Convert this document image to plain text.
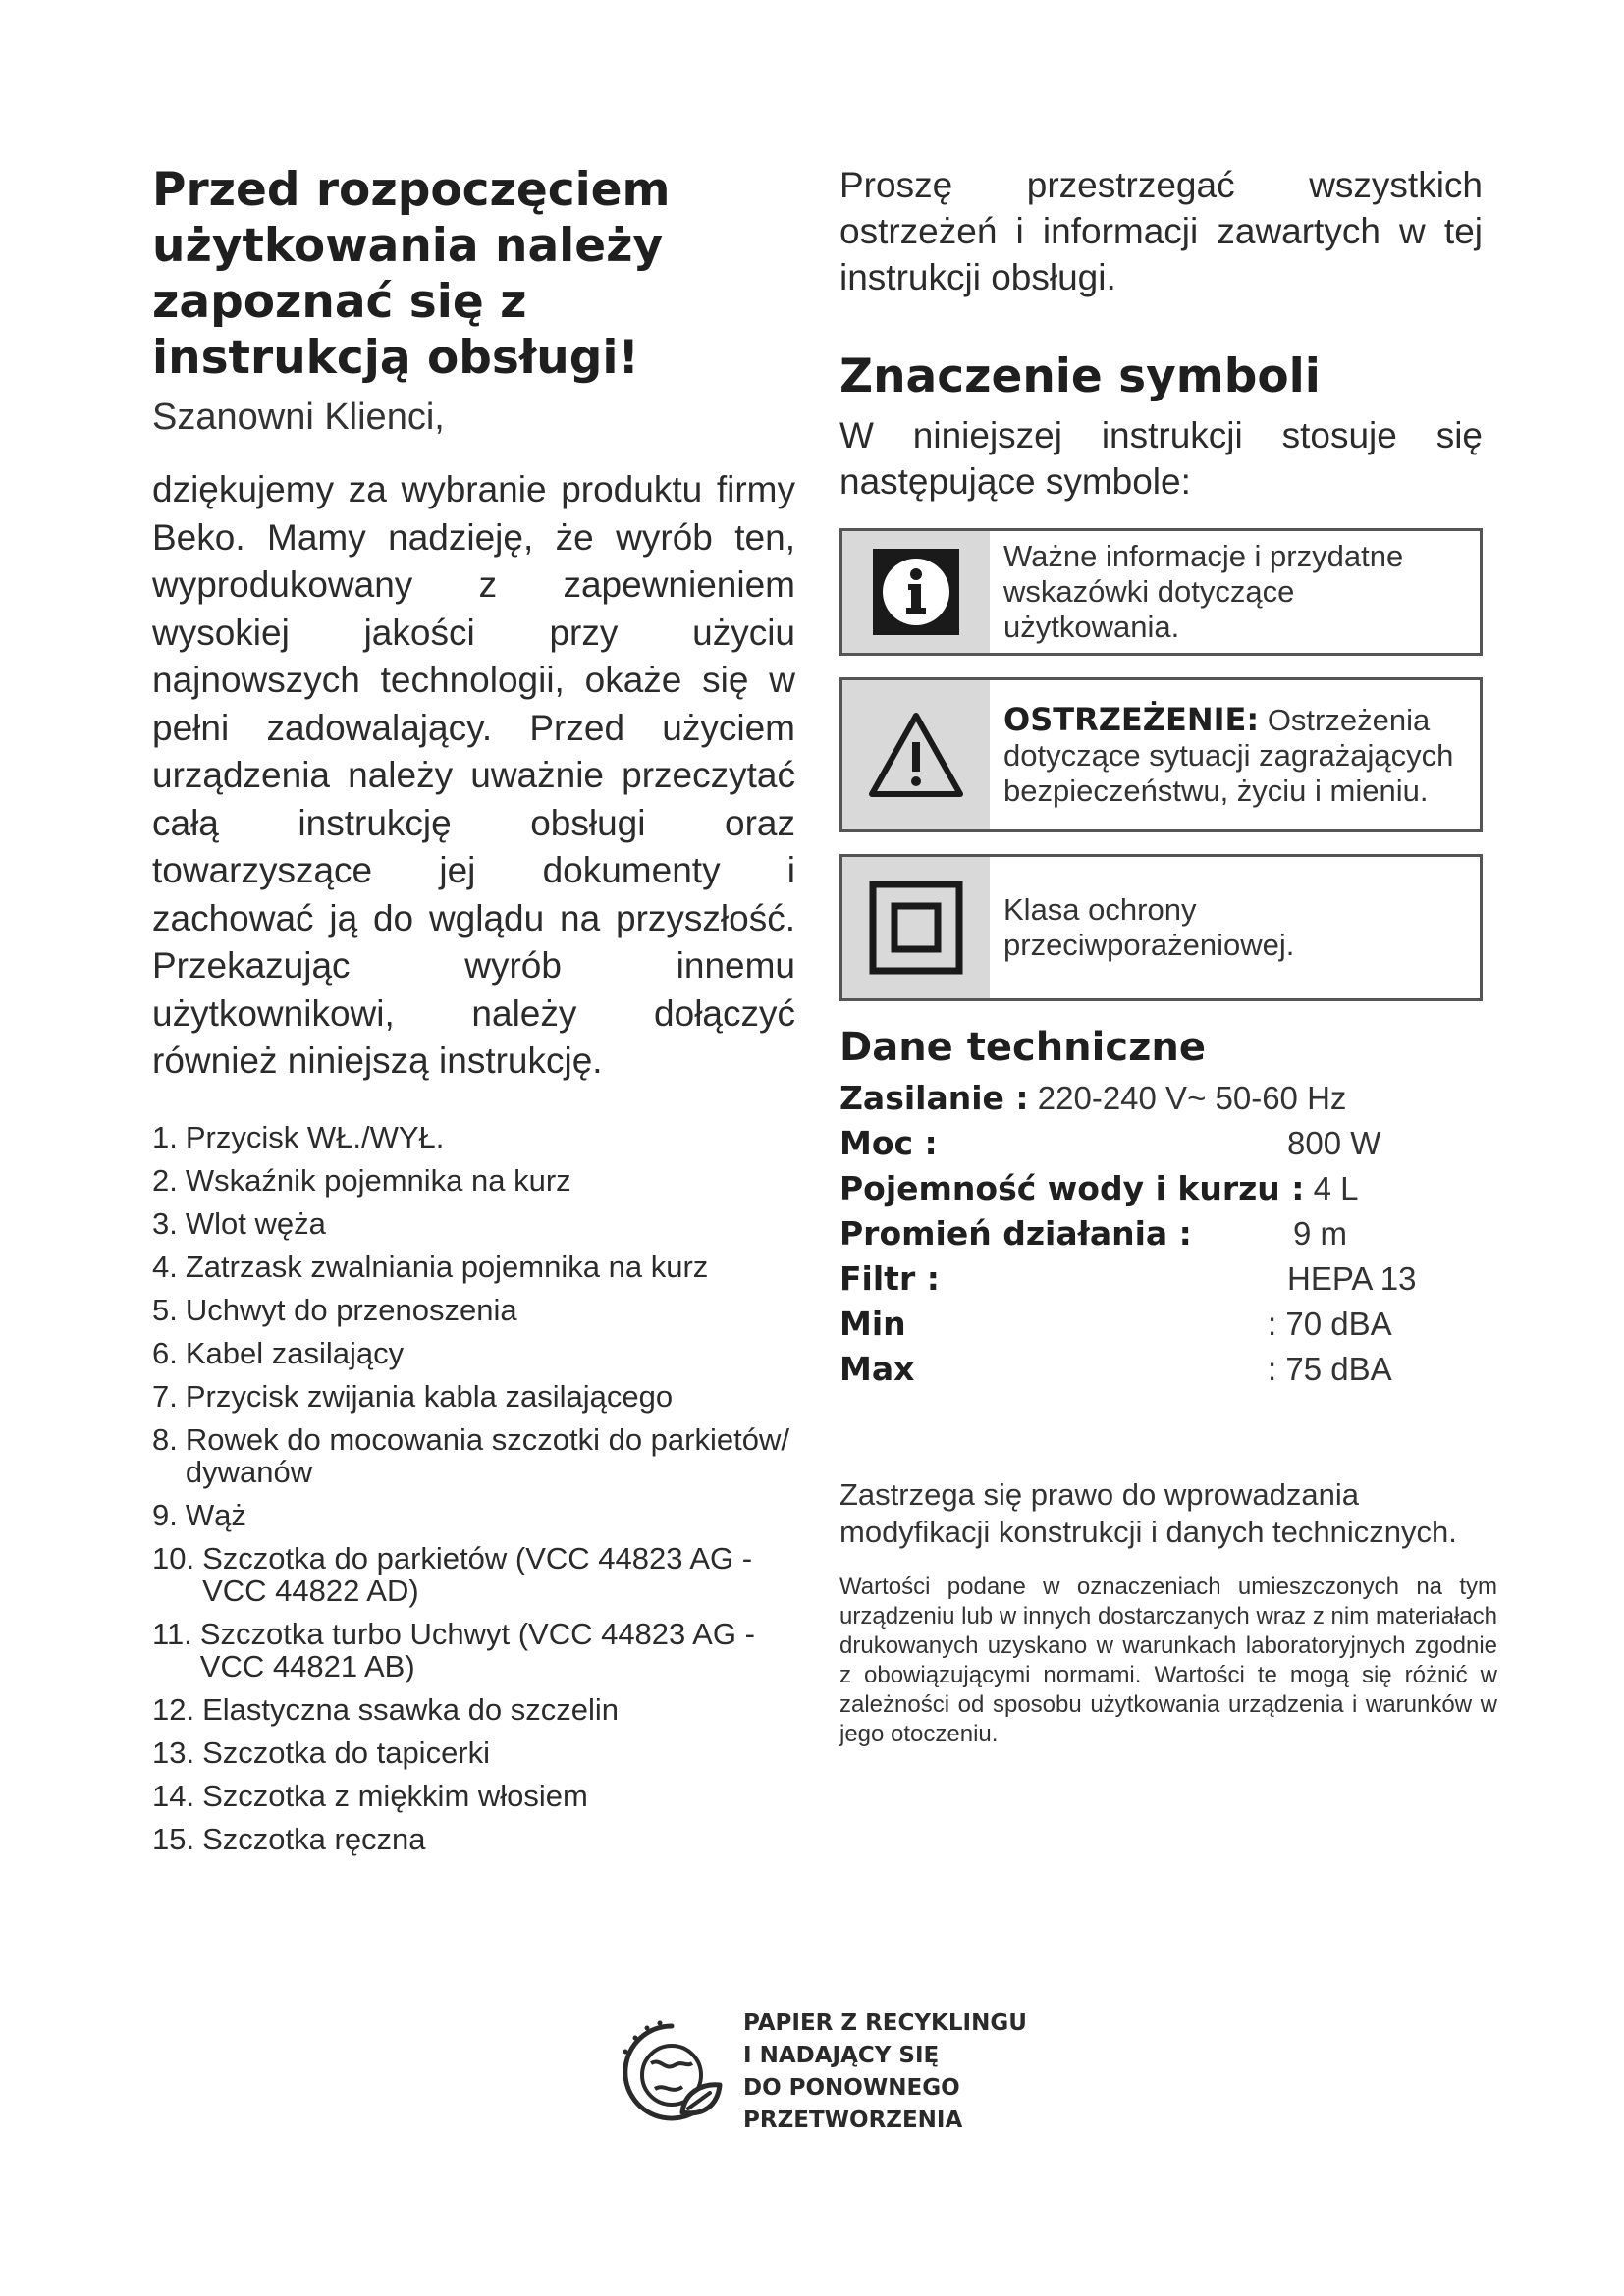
Przed rozpoczęciem użytkowania należy zapoznać się z instrukcją obsługi!

Szanowni Klienci,

dziękujemy za wybranie produktu firmy Beko. Mamy nadzieję, że wyrób ten, wyprodukowany z zapewnieniem wysokiej jakości przy użyciu najnowszych technologii, okaże się w pełni zadowalający. Przed użyciem urządzenia należy uważnie przeczytać całą instrukcję obsługi oraz towarzyszące jej dokumenty i zachować ją do wglądu na przyszłość. Przekazując wyrób innemu użytkownikowi, należy dołączyć również niniejszą instrukcję.

1. Przycisk WŁ./WYŁ.
2. Wskaźnik pojemnika na kurz
3. Wlot węża
4. Zatrzask zwalniania pojemnika na kurz
5. Uchwyt do przenoszenia
6. Kabel zasilający
7. Przycisk zwijania kabla zasilającego
8. Rowek do mocowania szczotki do parkietów/ dywanów
9. Wąż
10. Szczotka do parkietów (VCC 44823 AG - VCC 44822 AD)
11. Szczotka turbo Uchwyt (VCC 44823 AG - VCC 44821 AB)
12. Elastyczna ssawka do szczelin
13. Szczotka do tapicerki
14. Szczotka z miękkim włosiem
15. Szczotka ręczna

Proszę przestrzegać wszystkich ostrzeżeń i informacji zawartych w tej instrukcji obsługi.

Znaczenie symboli

W niniejszej instrukcji stosuje się następujące symbole:

Ważne informacje i przydatne wskazówki dotyczące użytkowania.
OSTRZEŻENIE: Ostrzeżenia dotyczące sytuacji zagrażających bezpieczeństwu, życiu i mieniu.
Klasa ochrony przeciwporażeniowej.
Dane techniczne
Zasilanie : 220-240 V~ 50-60 Hz
Moc :	800 W
Pojemność wody i kurzu : 4 L
Promień działania :	9 m
Filtr :	HEPA 13
Min	: 70 dBA
Max	: 75 dBA

Zastrzega się prawo do wprowadzania modyfikacji konstrukcji i danych technicznych.

Wartości podane w oznaczeniach umieszczonych na tym urządzeniu lub w innych dostarczanych wraz z nim materiałach drukowanych uzyskano w warunkach laboratoryjnych zgodnie z obowiązującymi normami. Wartości te mogą się różnić w zależności od sposobu użytkowania urządzenia i warunków w jego otoczeniu.

PAPIER Z RECYKLINGU
I NADAJĄCY SIĘ
DO PONOWNEGO
PRZETWORZENIA
